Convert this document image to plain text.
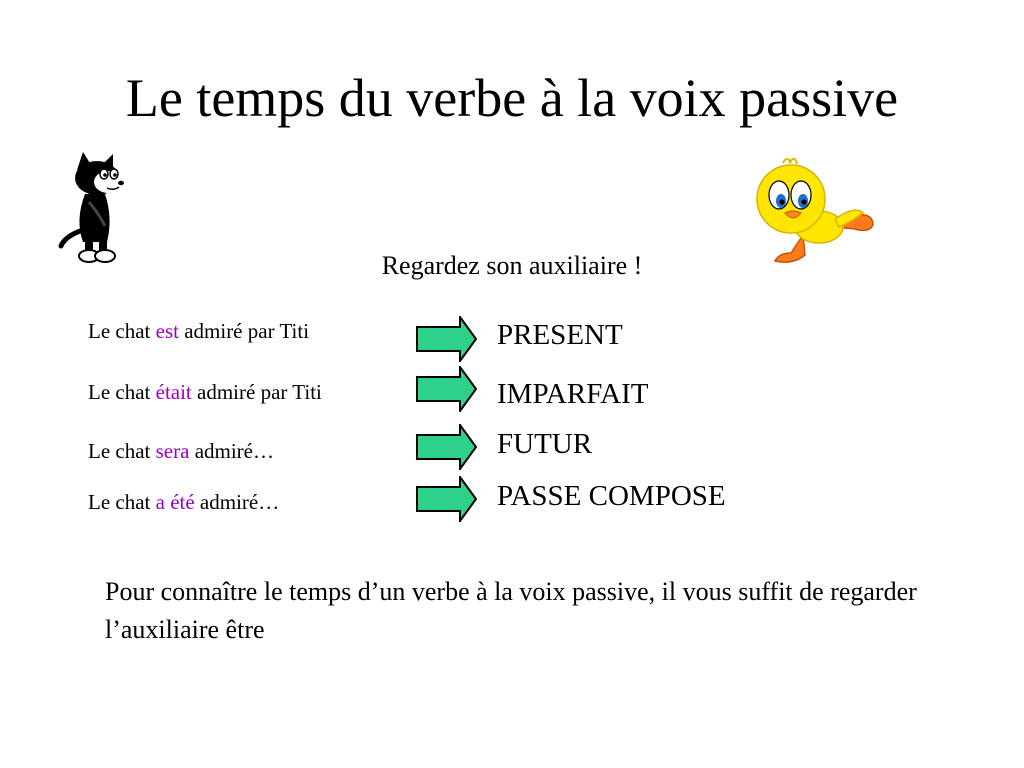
Le temps du verbe à la voix passive
Regardez son auxiliaire !
Le chat est admiré par Titi	PRESENT
Le chat était admiré par Titi	IMPARFAIT
Le chat sera admiré…	FUTUR
Le chat a été admiré…	PASSE COMPOSE
Pour connaître le temps d’un verbe à la voix passive, il vous suffit de regarder l’auxiliaire être
